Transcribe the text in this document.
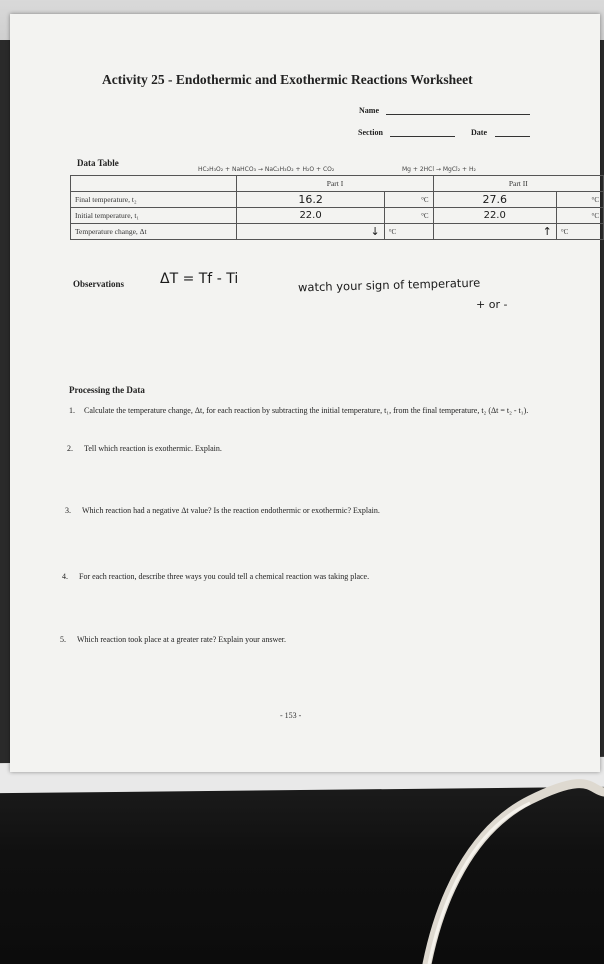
Activity 25 - Endothermic and Exothermic Reactions Worksheet
Name
Section	Date
Data Table
HC₂H₃O₂ + NaHCO₃ → NaC₂H₃O₂ + H₂O + CO₂	Mg + 2HCl → MgCl₂ + H₂
	Part I		Part II	
Final temperature, t₂	16.2	°C	27.6	°C
Initial temperature, t₁	22.0	°C	22.0	°C
Temperature change, Δt	↓	°C	↑	°C
Observations	ΔT = Tf - Ti	watch your sign of temperature
+ or -
Processing the Data
1.	Calculate the temperature change, Δt, for each reaction by subtracting the initial temperature, t₁, from the final temperature, t₂ (Δt = t₂ - t₁).
2. Tell which reaction is exothermic. Explain.
3. Which reaction had a negative Δt value? Is the reaction endothermic or exothermic? Explain.
4. For each reaction, describe three ways you could tell a chemical reaction was taking place.
5. Which reaction took place at a greater rate? Explain your answer.
- 153 -
